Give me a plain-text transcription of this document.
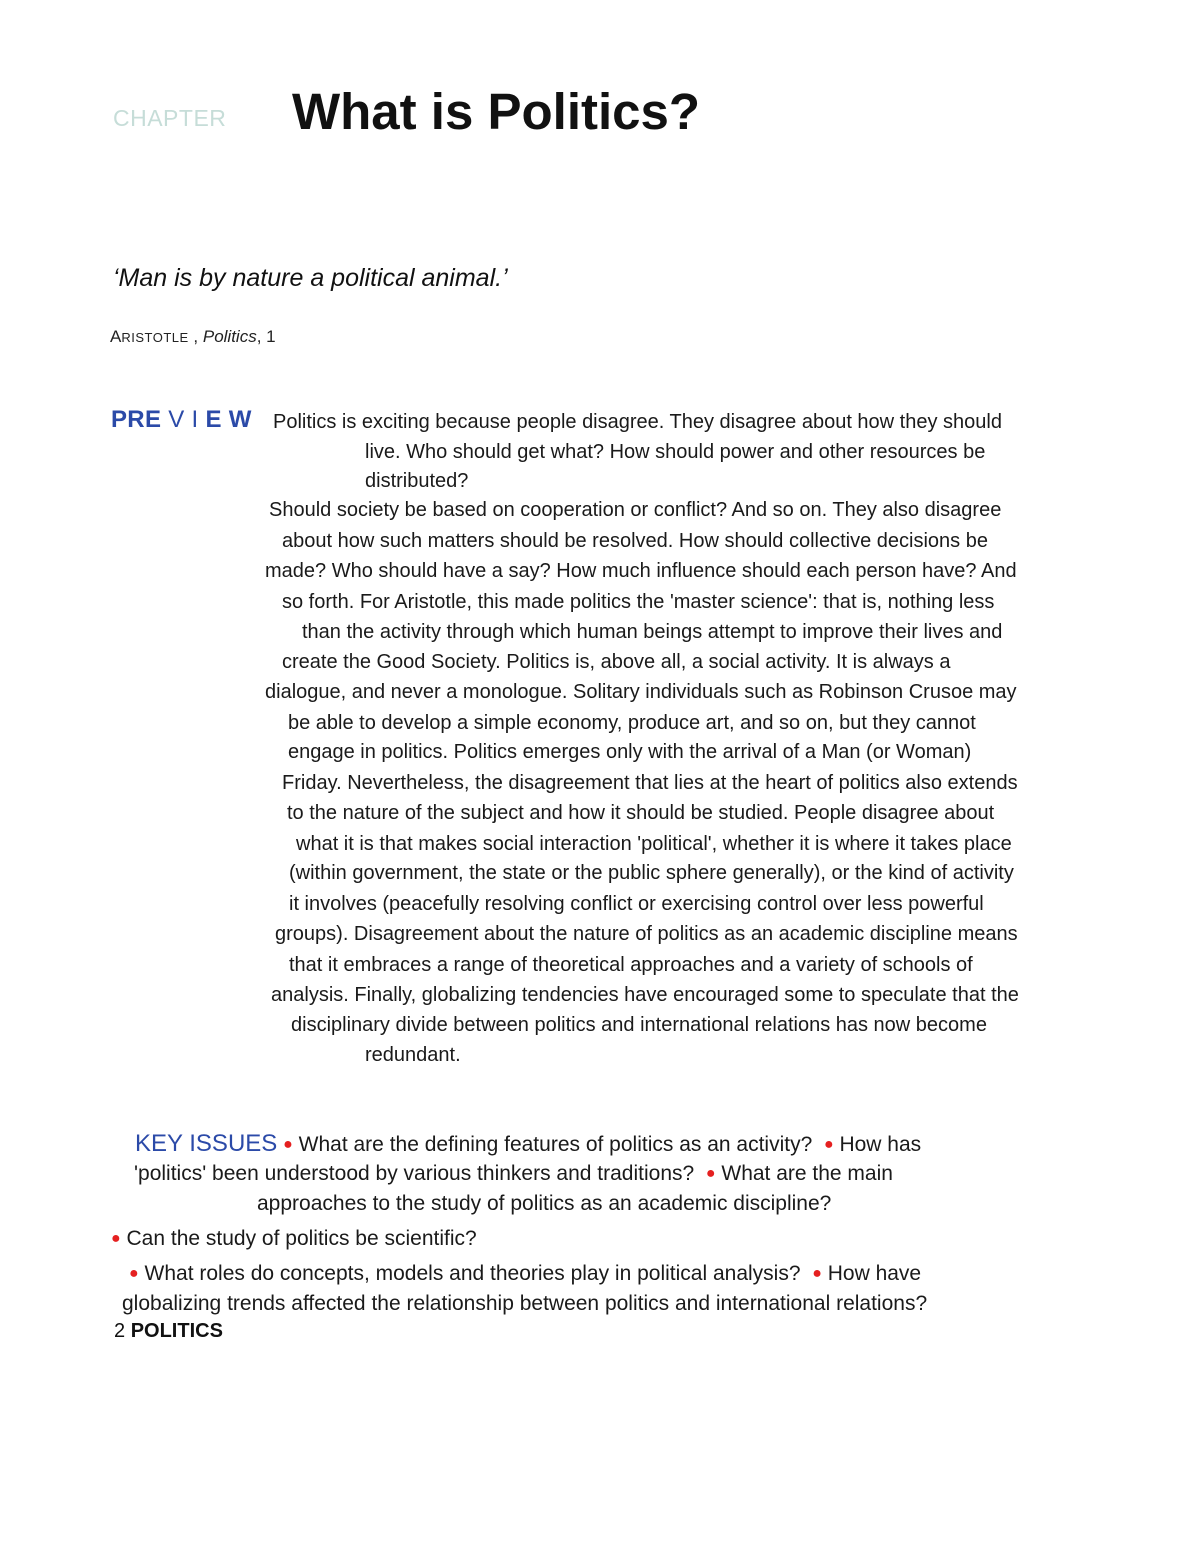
CHAPTER What is Politics?
‘Man is by nature a political animal.’
ARISTOTLE , Politics, 1
PRE V I E W Politics is exciting because people disagree. They disagree about how they should
live. Who should get what? How should power and other resources be
distributed?
Should society be based on cooperation or conflict? And so on. They also disagree
about how such matters should be resolved. How should collective decisions be
made? Who should have a say? How much influence should each person have? And
so forth. For Aristotle, this made politics the 'master science': that is, nothing less
than the activity through which human beings attempt to improve their lives and
create the Good Society. Politics is, above all, a social activity. It is always a
dialogue, and never a monologue. Solitary individuals such as Robinson Crusoe may
be able to develop a simple economy, produce art, and so on, but they cannot
engage in politics. Politics emerges only with the arrival of a Man (or Woman)
Friday. Nevertheless, the disagreement that lies at the heart of politics also extends
to the nature of the subject and how it should be studied. People disagree about
what it is that makes social interaction 'political', whether it is where it takes place
(within government, the state or the public sphere generally), or the kind of activity
it involves (peacefully resolving conflict or exercising control over less powerful
groups). Disagreement about the nature of politics as an academic discipline means
that it embraces a range of theoretical approaches and a variety of schools of
analysis. Finally, globalizing tendencies have encouraged some to speculate that the
disciplinary divide between politics and international relations has now become
redundant.
KEY ISSUES ● What are the defining features of politics as an activity? ● How has
'politics' been understood by various thinkers and traditions? ● What are the main
approaches to the study of politics as an academic discipline?
● Can the study of politics be scientific?
● What roles do concepts, models and theories play in political analysis? ● How have
globalizing trends affected the relationship between politics and international relations?
2 POLITICS
